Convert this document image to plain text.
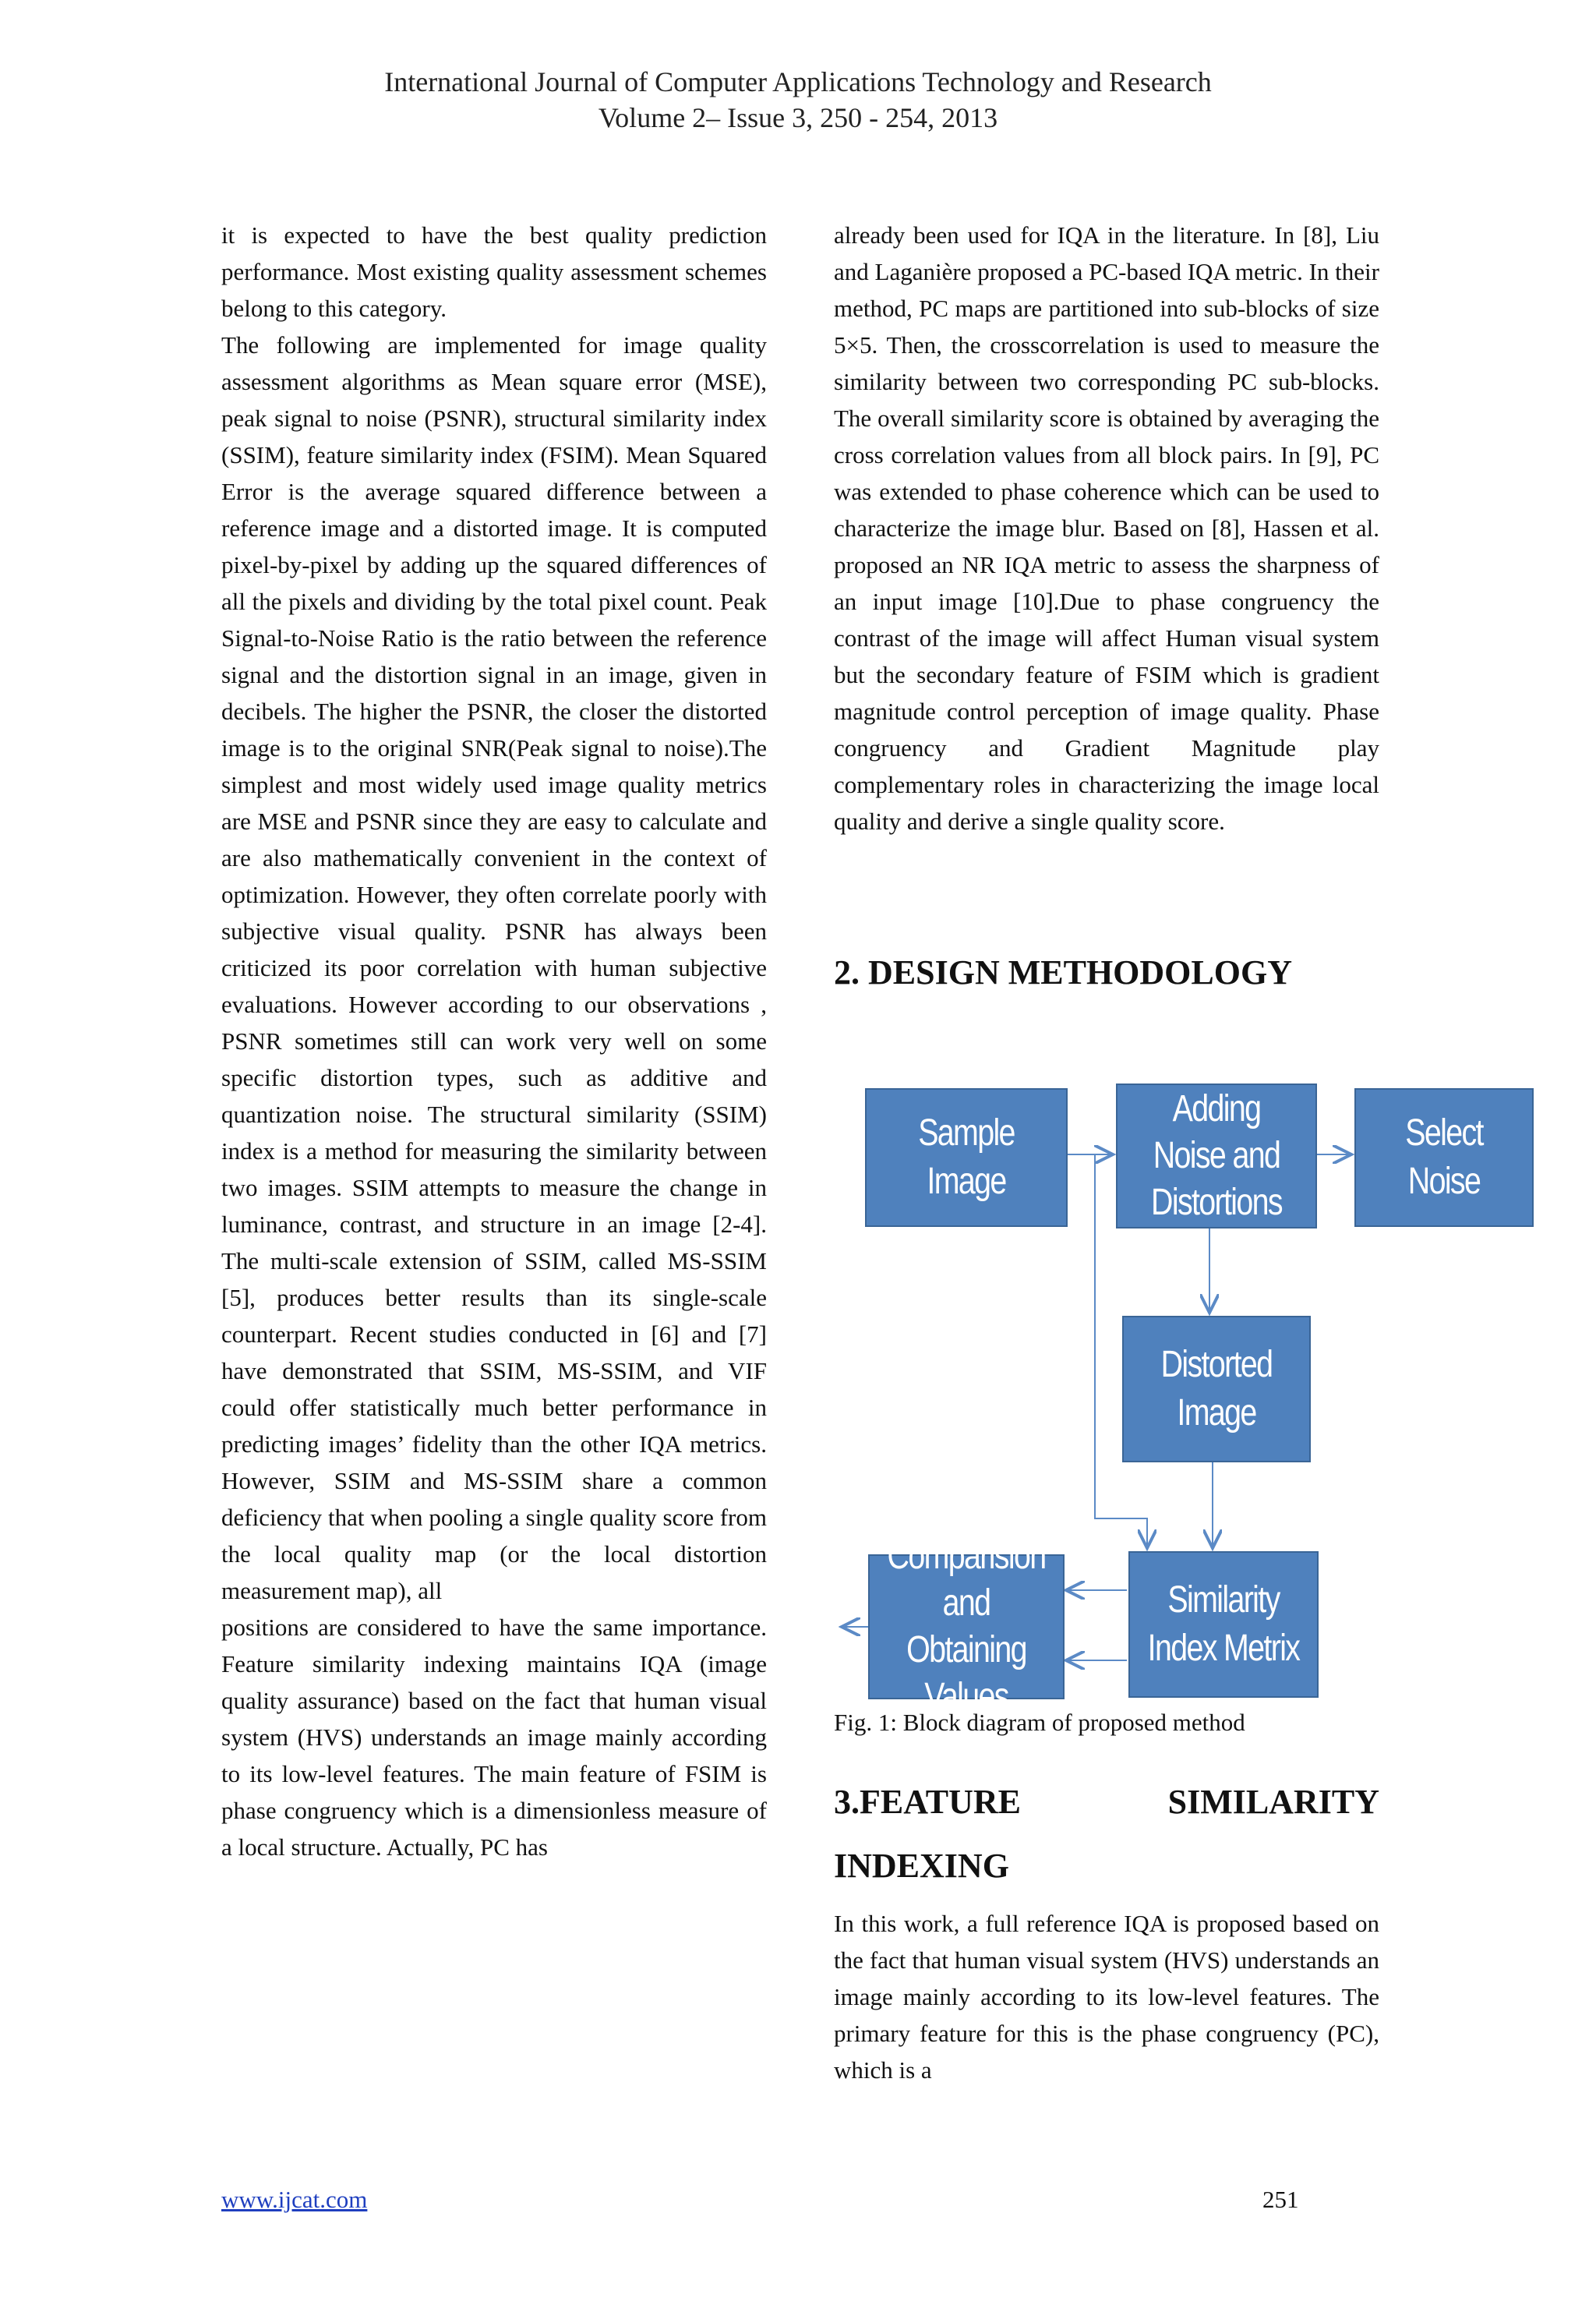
International Journal of Computer Applications Technology and Research
Volume 2– Issue 3, 250 - 254, 2013

it is expected to have the best quality prediction performance. Most existing quality assessment schemes belong to this category.

The following are implemented for image quality assessment algorithms as Mean square error (MSE), peak signal to noise (PSNR), structural similarity index (SSIM), feature similarity index (FSIM). Mean Squared Error is the average squared difference between a reference image and a distorted image. It is computed pixel-by-pixel by adding up the squared differences of all the pixels and dividing by the total pixel count. Peak Signal-to-Noise Ratio is the ratio between the reference signal and the distortion signal in an image, given in decibels. The higher the PSNR, the closer the distorted image is to the original SNR(Peak signal to noise).The simplest and most widely used image quality metrics are MSE and PSNR since they are easy to calculate and are also mathematically convenient in the context of optimization. However, they often correlate poorly with subjective visual quality. PSNR has always been criticized its poor correlation with human subjective evaluations. However according to our observations , PSNR sometimes still can work very well on some specific distortion types, such as additive and quantization noise. The structural similarity (SSIM) index is a method for measuring the similarity between two images. SSIM attempts to measure the change in luminance, contrast, and structure in an image [2-4]. The multi-scale extension of SSIM, called MS-SSIM [5], produces better results than its single-scale counterpart. Recent studies conducted in [6] and [7] have demonstrated that SSIM, MS-SSIM, and VIF could offer statistically much better performance in predicting images’ fidelity than the other IQA metrics. However, SSIM and MS-SSIM share a common deficiency that when pooling a single quality score from the local quality map (or the local distortion measurement map), all

positions are considered to have the same importance. Feature similarity indexing maintains IQA (image quality assurance) based on the fact that human visual system (HVS) understands an image mainly according to its low-level features. The main feature of FSIM is phase congruency which is a dimensionless measure of a local structure. Actually, PC has

already been used for IQA in the literature. In [8], Liu and Laganière proposed a PC-based IQA metric. In their method, PC maps are partitioned into sub-blocks of size 5×5. Then, the crosscorrelation is used to measure the similarity between two corresponding PC sub-blocks. The overall similarity score is obtained by averaging the cross correlation values from all block pairs. In [9], PC was extended to phase coherence which can be used to characterize the image blur. Based on [8], Hassen et al. proposed an NR IQA metric to assess the sharpness of an input image [10].Due to phase congruency the contrast of the image will affect Human visual system but the secondary feature of FSIM which is gradient magnitude control perception of image quality. Phase congruency and Gradient Magnitude play complementary roles in characterizing the image local quality and derive a single quality score.

2. DESIGN METHODOLOGY
Sample Image
Adding Noise and Distortions
Select Noise
Distorted Image
Similarity Index Metrix
Comparision and Obtaining Values
Fig. 1: Block diagram of proposed method
3.FEATURE	SIMILARITY
INDEXING
In this work, a full reference IQA is proposed based on the fact that human visual system (HVS) understands an image mainly according to its low-level features. The primary feature for this is the phase congruency (PC), which is a
www.ijcat.com	251
